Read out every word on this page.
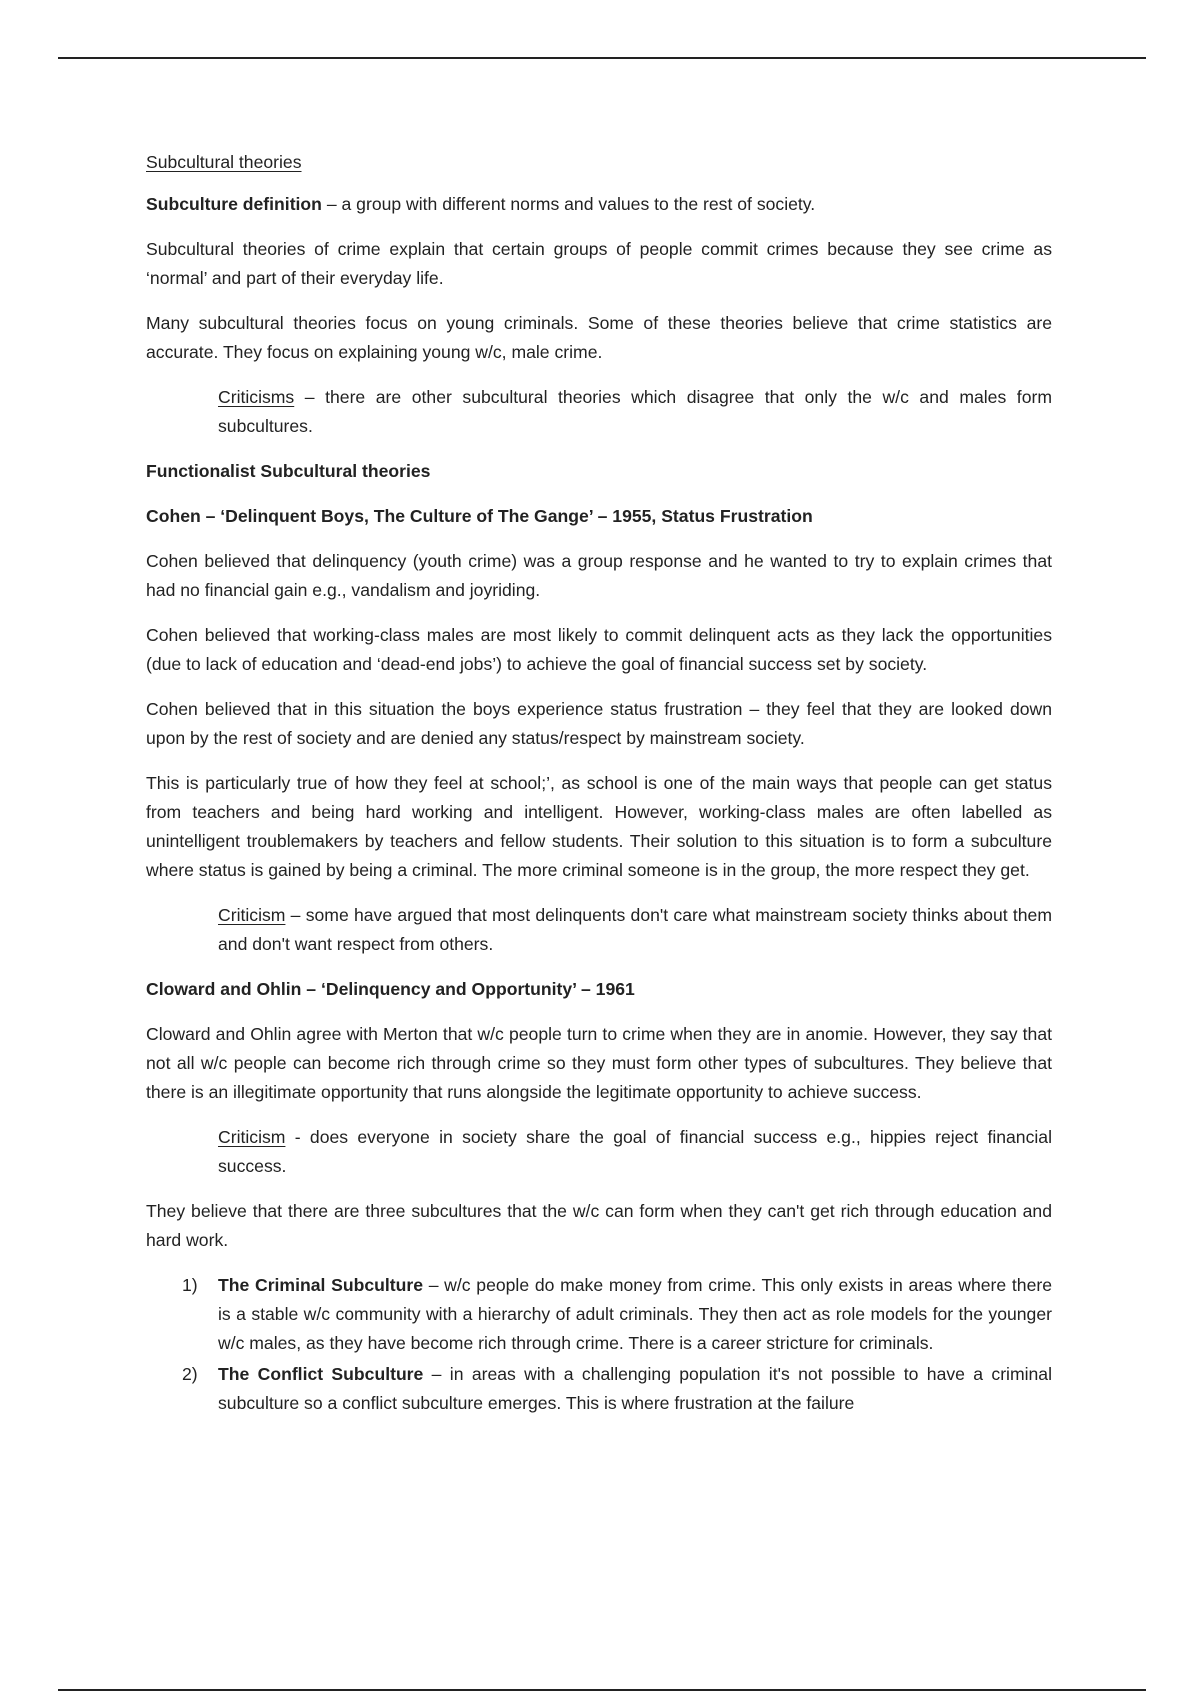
Subcultural theories

Subculture definition – a group with different norms and values to the rest of society.

Subcultural theories of crime explain that certain groups of people commit crimes because they see crime as ‘normal’ and part of their everyday life.

Many subcultural theories focus on young criminals. Some of these theories believe that crime statistics are accurate. They focus on explaining young w/c, male crime.

Criticisms – there are other subcultural theories which disagree that only the w/c and males form subcultures.

Functionalist Subcultural theories

Cohen – ‘Delinquent Boys, The Culture of The Gange’ – 1955, Status Frustration

Cohen believed that delinquency (youth crime) was a group response and he wanted to try to explain crimes that had no financial gain e.g., vandalism and joyriding.

Cohen believed that working-class males are most likely to commit delinquent acts as they lack the opportunities (due to lack of education and ‘dead-end jobs’) to achieve the goal of financial success set by society.

Cohen believed that in this situation the boys experience status frustration – they feel that they are looked down upon by the rest of society and are denied any status/respect by mainstream society.

This is particularly true of how they feel at school;’, as school is one of the main ways that people can get status from teachers and being hard working and intelligent. However, working-class males are often labelled as unintelligent troublemakers by teachers and fellow students. Their solution to this situation is to form a subculture where status is gained by being a criminal. The more criminal someone is in the group, the more respect they get.

Criticism – some have argued that most delinquents don't care what mainstream society thinks about them and don't want respect from others.

Cloward and Ohlin – ‘Delinquency and Opportunity’ – 1961

Cloward and Ohlin agree with Merton that w/c people turn to crime when they are in anomie. However, they say that not all w/c people can become rich through crime so they must form other types of subcultures. They believe that there is an illegitimate opportunity that runs alongside the legitimate opportunity to achieve success.

Criticism - does everyone in society share the goal of financial success e.g., hippies reject financial success.

They believe that there are three subcultures that the w/c can form when they can't get rich through education and hard work.

1) The Criminal Subculture – w/c people do make money from crime. This only exists in areas where there is a stable w/c community with a hierarchy of adult criminals. They then act as role models for the younger w/c males, as they have become rich through crime. There is a career stricture for criminals.
2) The Conflict Subculture – in areas with a challenging population it's not possible to have a criminal subculture so a conflict subculture emerges. This is where frustration at the failure
